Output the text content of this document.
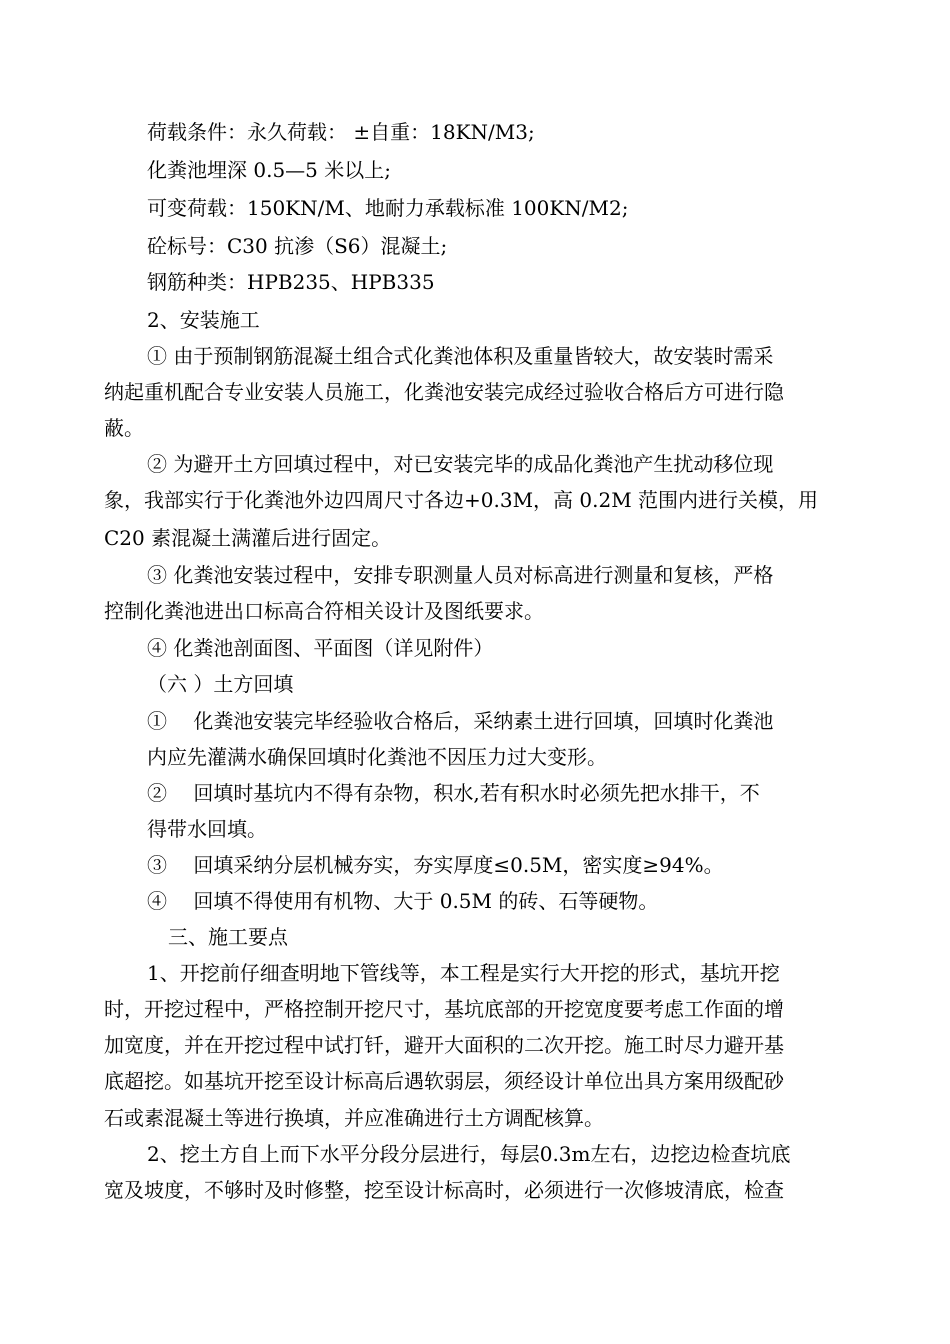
荷载条件：永久荷载： ±自重：18KN/M3;
化粪池埋深 0.5—5 米以上;
可变荷载：150KN/M、地耐力承载标准 100KN/M2;
砼标号：C30 抗渗（S6）混凝土;
钢筋种类：HPB235、HPB335
2、安装施工
① 由于预制钢筋混凝土组合式化粪池体积及重量皆较大，故安装时需采
纳起重机配合专业安装人员施工，化粪池安装完成经过验收合格后方可进行隐
蔽。
② 为避开土方回填过程中，对已安装完毕的成品化粪池产生扰动移位现
象，我部实行于化粪池外边四周尺寸各边+0.3M，高 0.2M 范围内进行关模，用
C20 素混凝土满灌后进行固定。
③ 化粪池安装过程中，安排专职测量人员对标高进行测量和复核，严格
控制化粪池进出口标高合符相关设计及图纸要求。
④ 化粪池剖面图、平面图（详见附件）
（六 ）土方回填
①　 化粪池安装完毕经验收合格后，采纳素土进行回填，回填时化粪池
内应先灌满水确保回填时化粪池不因压力过大变形。
②　 回填时基坑内不得有杂物，积水,若有积水时必须先把水排干，不
得带水回填。
③　 回填采纳分层机械夯实，夯实厚度≤0.5M，密实度≥94%。
④　 回填不得使用有机物、大于 0.5M 的砖、石等硬物。
三、施工要点
1、开挖前仔细查明地下管线等，本工程是实行大开挖的形式，基坑开挖
时，开挖过程中，严格控制开挖尺寸，基坑底部的开挖宽度要考虑工作面的增
加宽度，并在开挖过程中试打钎，避开大面积的二次开挖。施工时尽力避开基
底超挖。如基坑开挖至设计标高后遇软弱层，须经设计单位出具方案用级配砂
石或素混凝土等进行换填，并应准确进行土方调配核算。
2、挖土方自上而下水平分段分层进行，每层0.3m左右，边挖边检查坑底
宽及坡度，不够时及时修整，挖至设计标高时，必须进行一次修坡清底，检查
